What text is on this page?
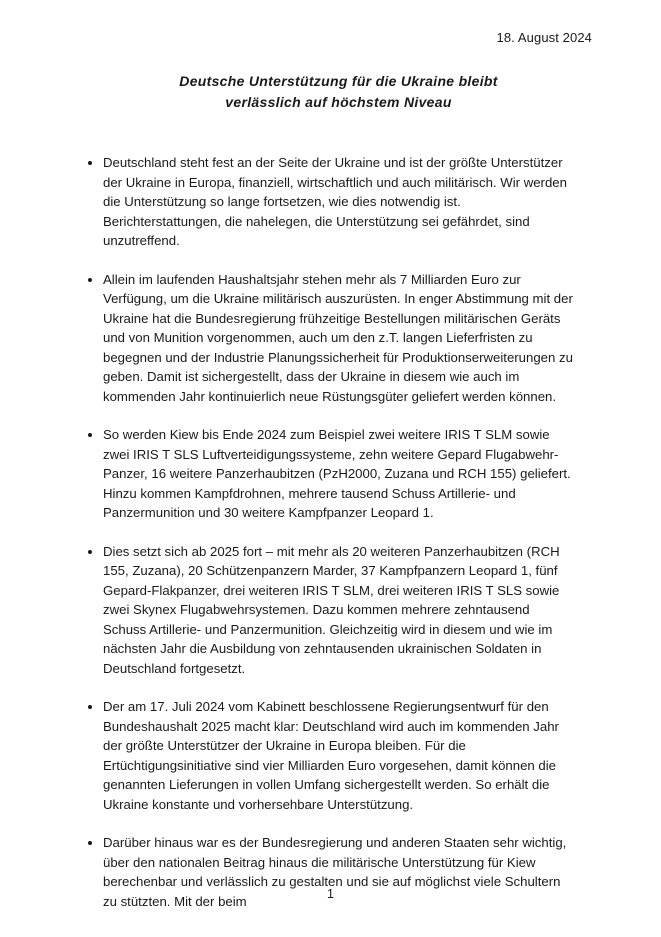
18. August 2024
Deutsche Unterstützung für die Ukraine bleibt
verlässlich auf höchstem Niveau
• Deutschland steht fest an der Seite der Ukraine und ist der größte Unterstützer der Ukraine in Europa, finanziell, wirtschaftlich und auch militärisch. Wir werden die Unterstützung so lange fortsetzen, wie dies notwendig ist. Berichterstattungen, die nahelegen, die Unterstützung sei gefährdet, sind unzutreffend.
• Allein im laufenden Haushaltsjahr stehen mehr als 7 Milliarden Euro zur Verfügung, um die Ukraine militärisch auszurüsten. In enger Abstimmung mit der Ukraine hat die Bundesregierung frühzeitige Bestellungen militärischen Geräts und von Munition vorgenommen, auch um den z.T. langen Lieferfristen zu begegnen und der Industrie Planungssicherheit für Produktionserweiterungen zu geben. Damit ist sichergestellt, dass der Ukraine in diesem wie auch im kommenden Jahr kontinuierlich neue Rüstungsgüter geliefert werden können.
• So werden Kiew bis Ende 2024 zum Beispiel zwei weitere IRIS T SLM sowie zwei IRIS T SLS Luftverteidigungssysteme, zehn weitere Gepard Flugabwehr-Panzer, 16 weitere Panzerhaubitzen (PzH2000, Zuzana und RCH 155) geliefert. Hinzu kommen Kampfdrohnen, mehrere tausend Schuss Artillerie- und Panzermunition und 30 weitere Kampfpanzer Leopard 1.
• Dies setzt sich ab 2025 fort – mit mehr als 20 weiteren Panzerhaubitzen (RCH 155, Zuzana), 20 Schützenpanzern Marder, 37 Kampfpanzern Leopard 1, fünf Gepard-Flakpanzer, drei weiteren IRIS T SLM, drei weiteren IRIS T SLS sowie zwei Skynex Flugabwehrsystemen. Dazu kommen mehrere zehntausend Schuss Artillerie- und Panzermunition. Gleichzeitig wird in diesem und wie im nächsten Jahr die Ausbildung von zehntausenden ukrainischen Soldaten in Deutschland fortgesetzt.
• Der am 17. Juli 2024 vom Kabinett beschlossene Regierungsentwurf für den Bundeshaushalt 2025 macht klar: Deutschland wird auch im kommenden Jahr der größte Unterstützer der Ukraine in Europa bleiben. Für die Ertüchtigungsinitiative sind vier Milliarden Euro vorgesehen, damit können die genannten Lieferungen in vollen Umfang sichergestellt werden. So erhält die Ukraine konstante und vorhersehbare Unterstützung.
• Darüber hinaus war es der Bundesregierung und anderen Staaten sehr wichtig, über den nationalen Beitrag hinaus die militärische Unterstützung für Kiew berechenbar und verlässlich zu gestalten und sie auf möglichst viele Schultern zu stützten. Mit der beim	1
